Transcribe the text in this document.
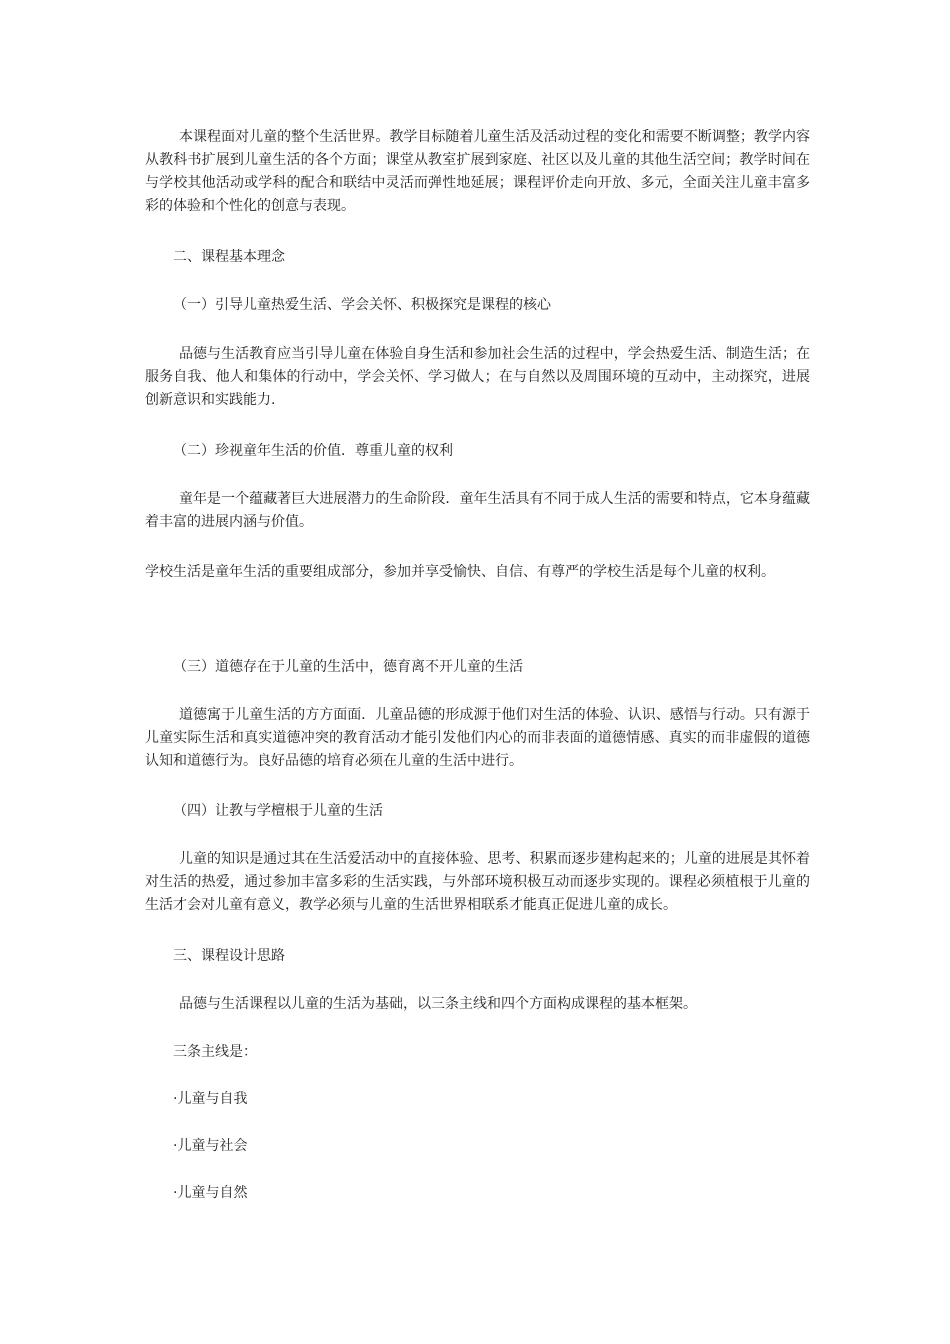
本课程面对儿童的整个生活世界。教学目标随着儿童生活及活动过程的变化和需要不断调整；教学内容从教科书扩展到儿童生活的各个方面；课堂从教室扩展到家庭、社区以及儿童的其他生活空间；教学时间在与学校其他活动或学科的配合和联结中灵活而弹性地延展；课程评价走向开放、多元，全面关注儿童丰富多彩的体验和个性化的创意与表现。

二、课程基本理念

（一）引导儿童热爱生活、学会关怀、积极探究是课程的核心

品德与生活教育应当引导儿童在体验自身生活和参加社会生活的过程中，学会热爱生活、制造生活；在服务自我、他人和集体的行动中，学会关怀、学习做人；在与自然以及周围环境的互动中，主动探究，进展创新意识和实践能力.

（二）珍视童年生活的价值．尊重儿童的权利

童年是一个蕴藏著巨大进展潜力的生命阶段．童年生活具有不同于成人生活的需要和特点，它本身蕴藏着丰富的进展内涵与价值。

学校生活是童年生活的重要组成部分，参加并享受愉快、自信、有尊严的学校生活是每个儿童的权利。

（三）道德存在于儿童的生活中，德育离不开儿童的生活

道德寓于儿童生活的方方面面．儿童品德的形成源于他们对生活的体验、认识、感悟与行动。只有源于儿童实际生活和真实道德冲突的教育活动才能引发他们内心的而非表面的道德情感、真实的而非虚假的道德认知和道德行为。良好品德的培育必须在儿童的生活中进行。

（四）让教与学檀根于儿童的生活

儿童的知识是通过其在生活爱活动中的直接体验、思考、积累而逐步建构起来的；儿童的进展是其怀着对生活的热爱，通过参加丰富多彩的生活实践，与外部环境积极互动而逐步实现的。课程必须植根于儿童的生活才会对儿童有意义，教学必须与儿童的生活世界相联系才能真正促进儿童的成长。

三、课程设计思路

品德与生活课程以儿童的生活为基础，以三条主线和四个方面构成课程的基本框架。

三条主线是：

·儿童与自我

·儿童与社会

·儿童与自然
